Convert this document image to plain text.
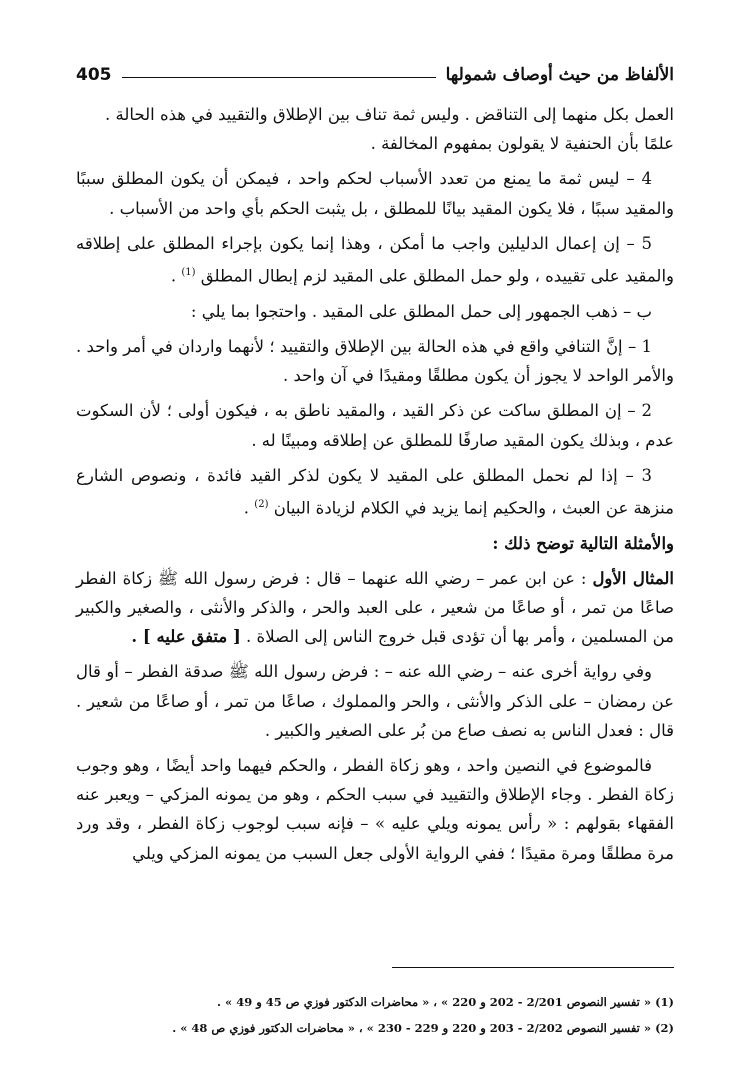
الألفاظ من حيث أوصاف شمولها
405

العمل بكل منهما إلى التناقض . وليس ثمة تناف بين الإطلاق والتقييد في هذه الحالة .

علمًا بأن الحنفية لا يقولون بمفهوم المخالفة .

4 – ليس ثمة ما يمنع من تعدد الأسباب لحكم واحد ، فيمكن أن يكون المطلق سببًا والمقيد سببًا ، فلا يكون المقيد بيانًا للمطلق ، بل يثبت الحكم بأي واحد من الأسباب .

5 – إن إعمال الدليلين واجب ما أمكن ، وهذا إنما يكون بإجراء المطلق على إطلاقه والمقيد على تقييده ، ولو حمل المطلق على المقيد لزم إبطال المطلق $^{(1)}$ .

ب – ذهب الجمهور إلى حمل المطلق على المقيد . واحتجوا بما يلي :

1 – إنَّ التنافي واقع في هذه الحالة بين الإطلاق والتقييد ؛ لأنهما واردان في أمر واحد . والأمر الواحد لا يجوز أن يكون مطلقًا ومقيدًا في آن واحد .

2 – إن المطلق ساكت عن ذكر القيد ، والمقيد ناطق به ، فيكون أولى ؛ لأن السكوت عدم ، وبذلك يكون المقيد صارفًا للمطلق عن إطلاقه ومبينًا له .

3 – إذا لم نحمل المطلق على المقيد لا يكون لذكر القيد فائدة ، ونصوص الشارع منزهة عن العبث ، والحكيم إنما يزيد في الكلام لزيادة البيان $^{(2)}$ .

والأمثلة التالية توضح ذلك :

المثال الأول : عن ابن عمر – رضي الله عنهما – قال : فرض رسول الله ﷺ زكاة الفطر صاعًا من تمر ، أو صاعًا من شعير ، على العبد والحر ، والذكر والأنثى ، والصغير والكبير من المسلمين ، وأمر بها أن تؤدى قبل خروج الناس إلى الصلاة . [ متفق عليه ] .

وفي رواية أخرى عنه – رضي الله عنه – : فرض رسول الله ﷺ صدقة الفطر – أو قال عن رمضان – على الذكر والأنثى ، والحر والمملوك ، صاعًا من تمر ، أو صاعًا من شعير . قال : فعدل الناس به نصف صاع من بُر على الصغير والكبير .

فالموضوع في النصين واحد ، وهو زكاة الفطر ، والحكم فيهما واحد أيضًا ، وهو وجوب زكاة الفطر . وجاء الإطلاق والتقييد في سبب الحكم ، وهو من يمونه المزكي – ويعبر عنه الفقهاء بقولهم : « رأس يمونه ويلي عليه » – فإنه سبب لوجوب زكاة الفطر ، وقد ورد مرة مطلقًا ومرة مقيدًا ؛ ففي الرواية الأولى جعل السبب من يمونه المزكي ويلي

(1) « تفسير النصوص 2/201 - 202 و 220 » ، « محاضرات الدكتور فوزي ص 45 و 49 » .

(2) « تفسير النصوص 2/202 - 203 و 220 و 229 - 230 » ، « محاضرات الدكتور فوزي ص 48 » .
